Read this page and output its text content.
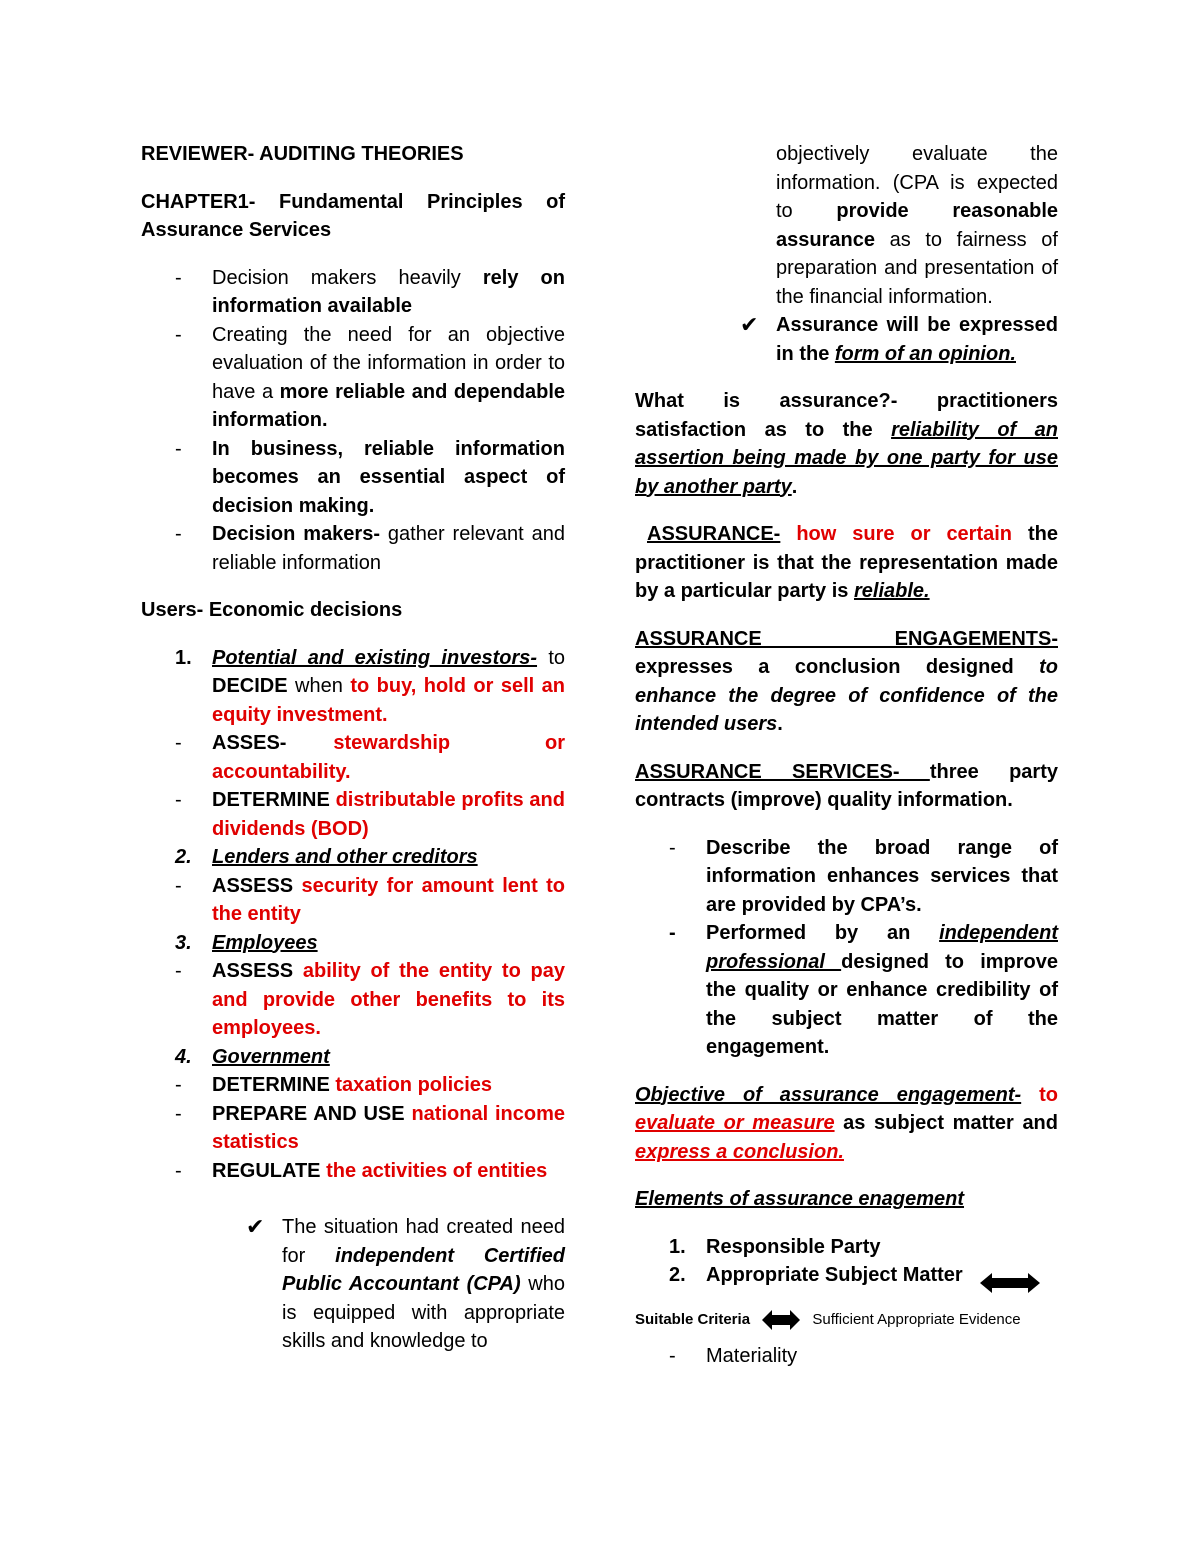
REVIEWER- AUDITING THEORIES
CHAPTER1- Fundamental Principles of Assurance Services
- Decision makers heavily rely on information available
- Creating the need for an objective evaluation of the information in order to have a more reliable and dependable information.
- In business, reliable information becomes an essential aspect of decision making.
- Decision makers- gather relevant and reliable information
Users- Economic decisions
1. Potential and existing investors- to DECIDE when to buy, hold or sell an equity investment.
- ASSES- stewardship or accountability.
- DETERMINE distributable profits and dividends (BOD)
2. Lenders and other creditors
- ASSESS security for amount lent to the entity
3. Employees
- ASSESS ability of the entity to pay and provide other benefits to its employees.
4. Government
- DETERMINE taxation policies
- PREPARE AND USE national income statistics
- REGULATE the activities of entities
✔ The situation had created need for independent Certified Public Accountant (CPA) who is equipped with appropriate skills and knowledge to
objectively evaluate the information. (CPA is expected to provide reasonable assurance as to fairness of preparation and presentation of the financial information.
✔ Assurance will be expressed in the form of an opinion.
What is assurance?- practitioners satisfaction as to the reliability of an assertion being made by one party for use by another party.
ASSURANCE- how sure or certain the practitioner is that the representation made by a particular party is reliable.
ASSURANCE ENGAGEMENTS-
expresses a conclusion designed to enhance the degree of confidence of the intended users.
ASSURANCE SERVICES- three party contracts (improve) quality information.
- Describe the broad range of information enhances services that are provided by CPA’s.
- Performed by an independent professional designed to improve the quality or enhance credibility of the subject matter of the engagement.
Objective of assurance engagement- to evaluate or measure as subject matter and express a conclusion.
Elements of assurance enagement
1. Responsible Party
2. Appropriate Subject Matter
Suitable Criteria	Sufficient Appropriate Evidence
- Materiality
